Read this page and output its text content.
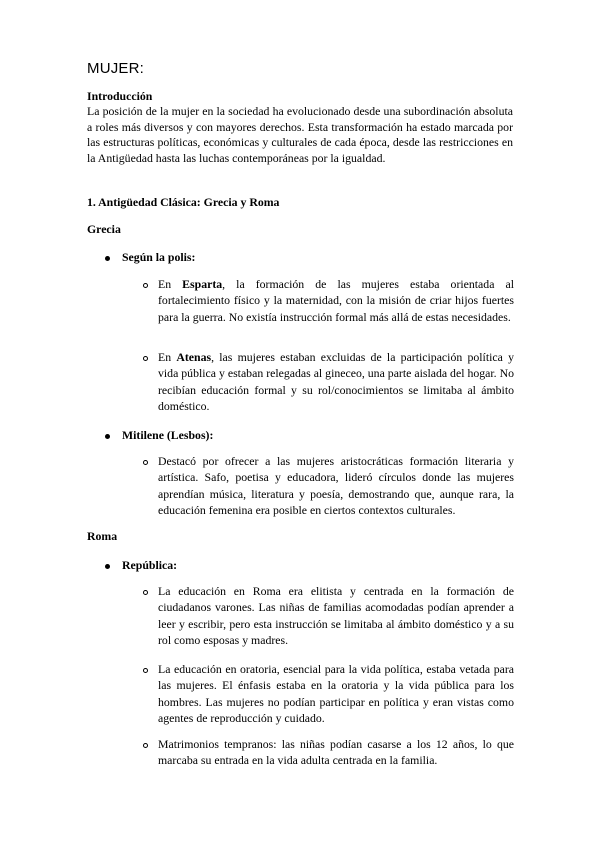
MUJER:
Introducción

La posición de la mujer en la sociedad ha evolucionado desde una subordinación absoluta a roles más diversos y con mayores derechos. Esta transformación ha estado marcada por las estructuras políticas, económicas y culturales de cada época, desde las restricciones en la Antigüedad hasta las luchas contemporáneas por la igualdad.

1. Antigüedad Clásica: Grecia y Roma
Grecia
Según la polis:

En Esparta, la formación de las mujeres estaba orientada al fortalecimiento físico y la maternidad, con la misión de criar hijos fuertes para la guerra. No existía instrucción formal más allá de estas necesidades.

En Atenas, las mujeres estaban excluidas de la participación política y vida pública y estaban relegadas al gineceo, una parte aislada del hogar. No recibían educación formal y su rol/conocimientos se limitaba al ámbito doméstico.

Mitilene (Lesbos):

Destacó por ofrecer a las mujeres aristocráticas formación literaria y artística. Safo, poetisa y educadora, lideró círculos donde las mujeres aprendían música, literatura y poesía, demostrando que, aunque rara, la educación femenina era posible en ciertos contextos culturales.

Roma
República:

La educación en Roma era elitista y centrada en la formación de ciudadanos varones. Las niñas de familias acomodadas podían aprender a leer y escribir, pero esta instrucción se limitaba al ámbito doméstico y a su rol como esposas y madres.

La educación en oratoria, esencial para la vida política, estaba vetada para las mujeres. El énfasis estaba en la oratoria y la vida pública para los hombres. Las mujeres no podían participar en política y eran vistas como agentes de reproducción y cuidado.

Matrimonios tempranos: las niñas podían casarse a los 12 años, lo que marcaba su entrada en la vida adulta centrada en la familia.
